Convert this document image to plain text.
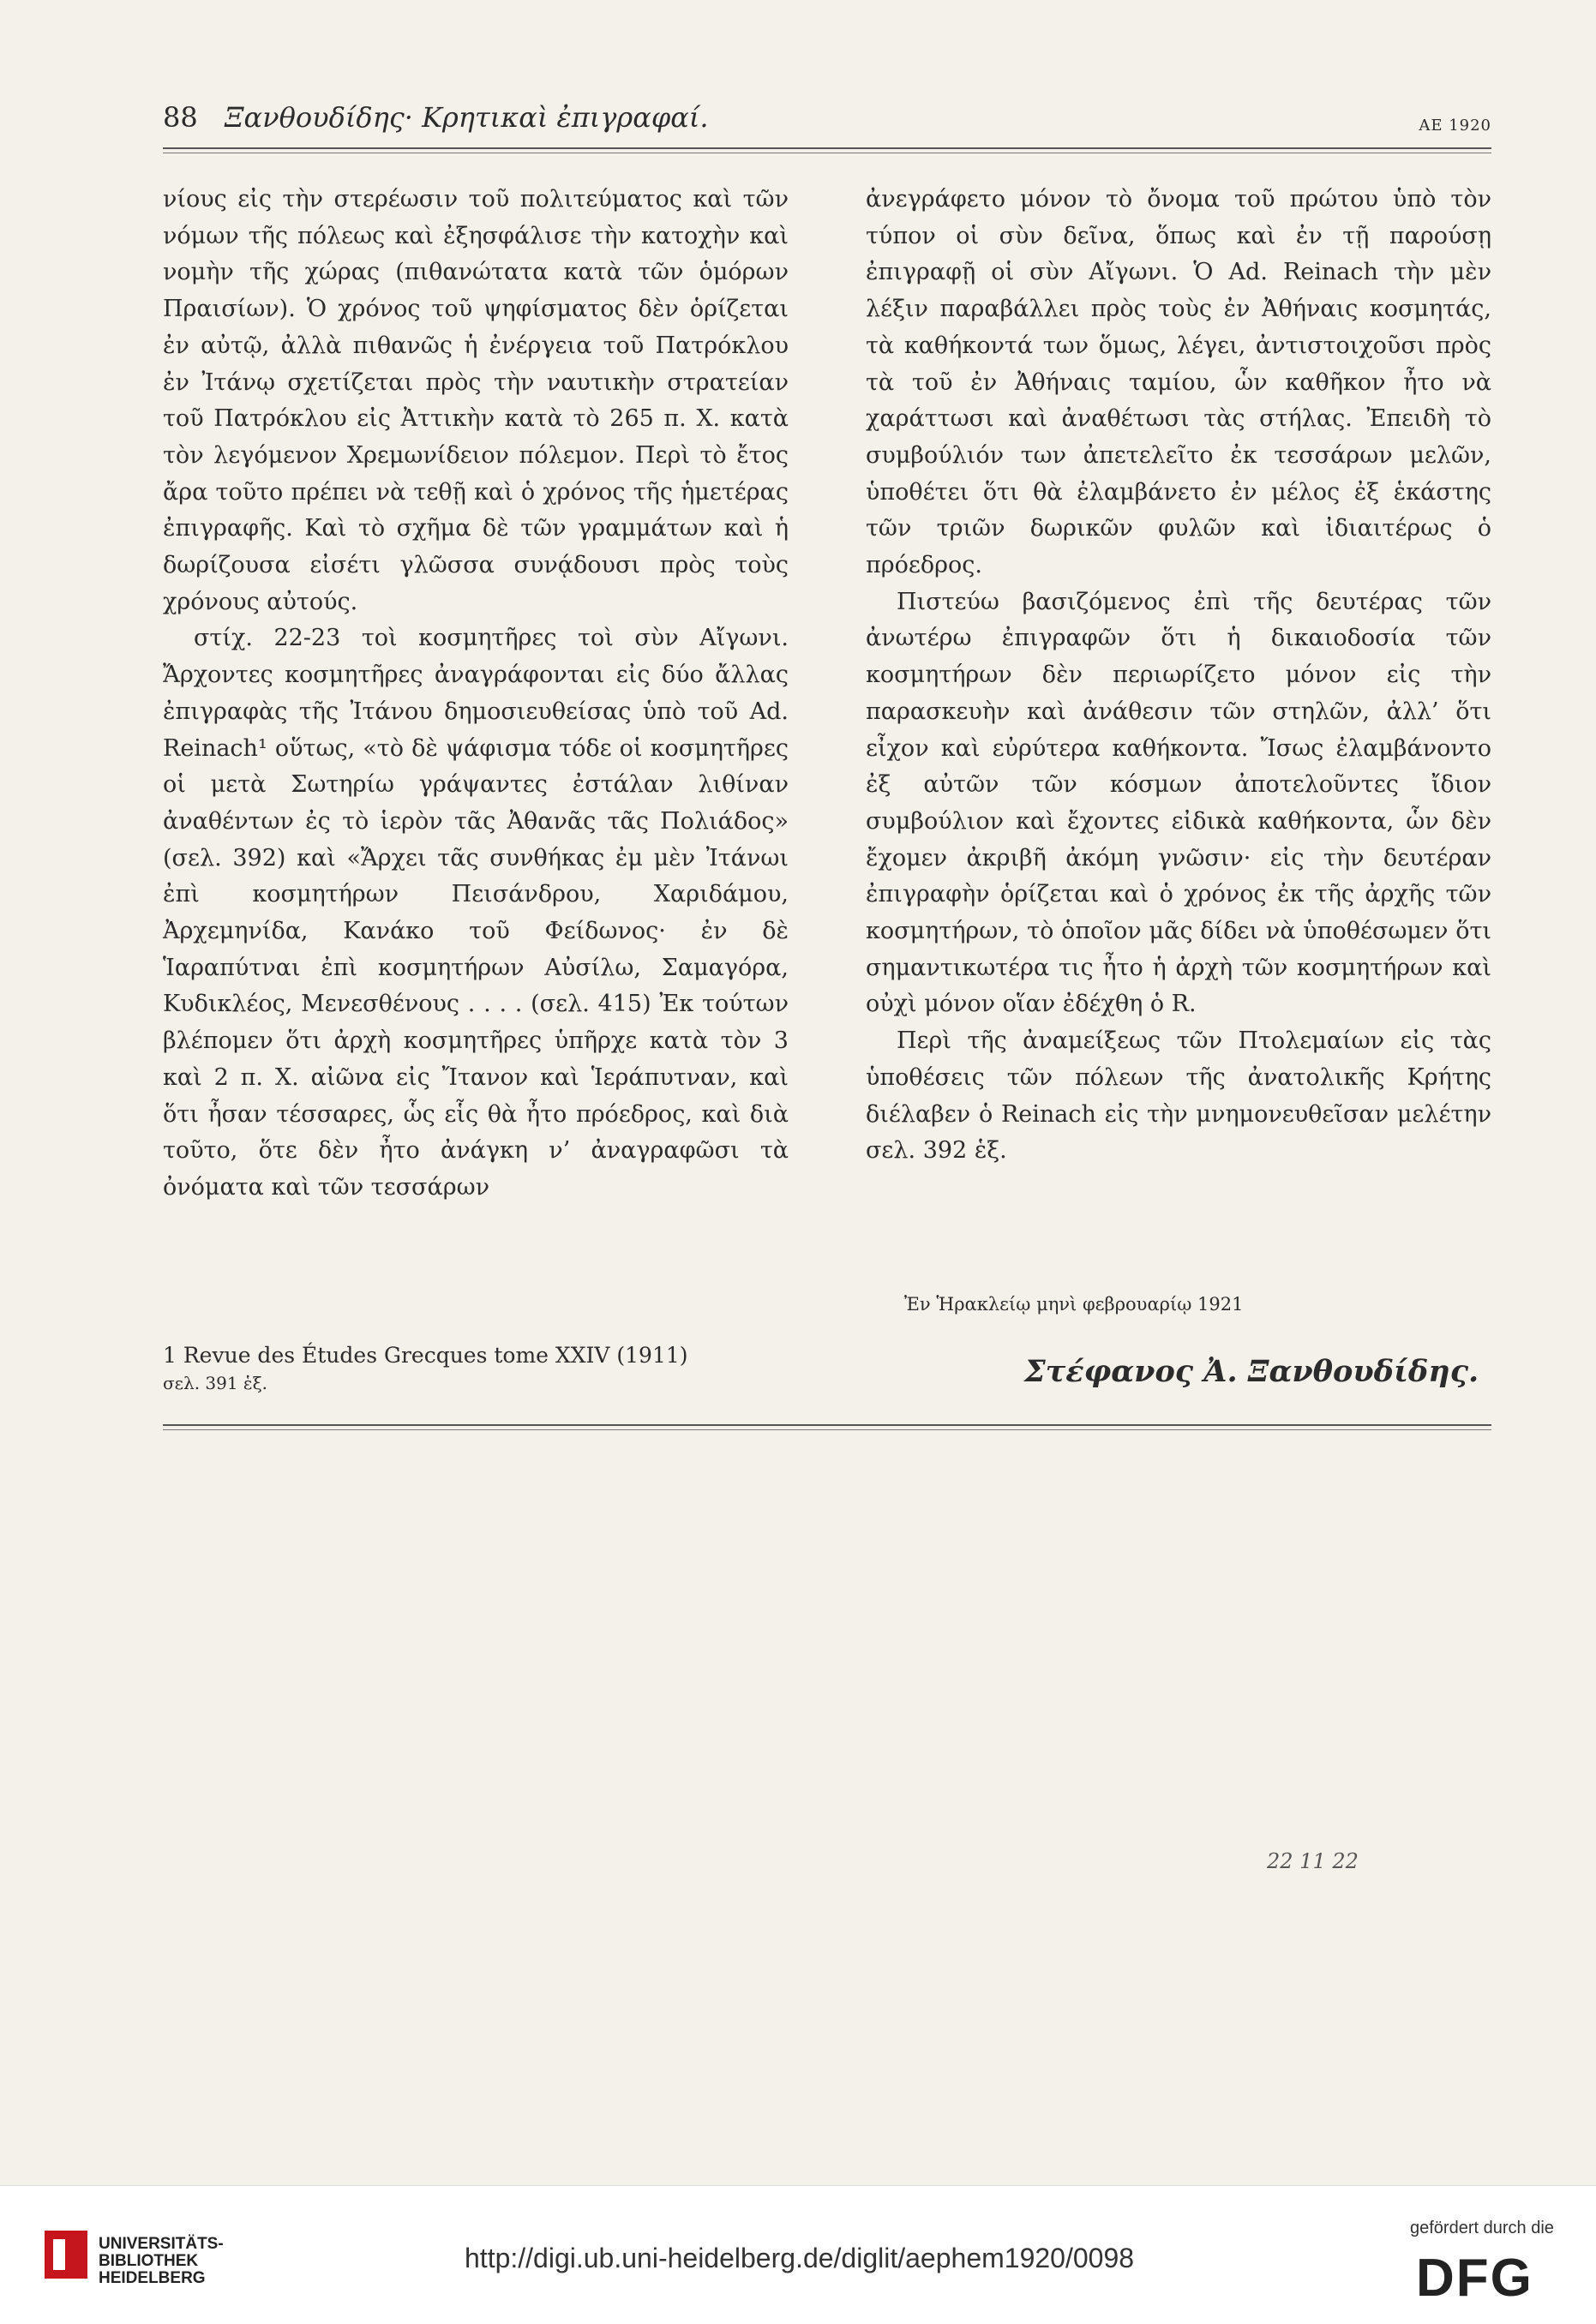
88 Ξανθουδίδης· Κρητικαὶ ἐπιγραφαί.	ΑΕ 1920

νίους εἰς τὴν στερέωσιν τοῦ πολιτεύματος καὶ τῶν νόμων τῆς πόλεως καὶ ἐξησφάλισε τὴν κατοχὴν καὶ νομὴν τῆς χώρας (πιθανώτατα κατὰ τῶν ὁμόρων Πραισίων). Ὁ χρόνος τοῦ ψηφίσματος δὲν ὁρίζεται ἐν αὐτῷ, ἀλλὰ πιθανῶς ἡ ἐνέργεια τοῦ Πατρόκλου ἐν Ἰτάνῳ σχετίζεται πρὸς τὴν ναυτικὴν στρατείαν τοῦ Πατρόκλου εἰς Ἀττικὴν κατὰ τὸ 265 π. Χ. κατὰ τὸν λεγόμενον Χρεμωνίδειον πόλεμον. Περὶ τὸ ἔτος ἄρα τοῦτο πρέπει νὰ τεθῇ καὶ ὁ χρόνος τῆς ἡμετέρας ἐπιγραφῆς. Καὶ τὸ σχῆμα δὲ τῶν γραμμάτων καὶ ἡ δωρίζουσα εἰσέτι γλῶσσα συνᾴδουσι πρὸς τοὺς χρόνους αὐτούς.

στίχ. 22-23 τοὶ κοσμητῆρες τοὶ σὺν Αἴγωνι. Ἄρχοντες κοσμητῆρες ἀναγράφονται εἰς δύο ἄλλας ἐπιγραφὰς τῆς Ἰτάνου δημοσιευθείσας ὑπὸ τοῦ Ad. Reinach¹ οὕτως, «τὸ δὲ ψάφισμα τόδε οἱ κοσμητῆρες οἱ μετὰ Σωτηρίω γράψαντες ἐστάλαν λιθίναν ἀναθέντων ἐς τὸ ἱερὸν τᾶς Ἀθανᾶς τᾶς Πολιάδος» (σελ. 392) καὶ «Ἄρχει τᾶς συνθήκας ἐμ μὲν Ἰτάνωι ἐπὶ κοσμητήρων Πεισάνδρου, Χαριδάμου, Ἀρχεμηνίδα, Κανάκο τοῦ Φείδωνος· ἐν δὲ Ἱαραπύτναι ἐπὶ κοσμητήρων Αὐσίλω, Σαμαγόρα, Κυδικλέος, Μενεσθένους . . . . (σελ. 415) Ἐκ τούτων βλέπομεν ὅτι ἀρχὴ κοσμητῆρες ὑπῆρχε κατὰ τὸν 3 καὶ 2 π. Χ. αἰῶνα εἰς Ἴτανον καὶ Ἱεράπυτναν, καὶ ὅτι ἦσαν τέσσαρες, ὧς εἷς θὰ ἦτο πρόεδρος, καὶ διὰ τοῦτο, ὅτε δὲν ἦτο ἀνάγκη ν’ ἀναγραφῶσι τὰ ὀνόματα καὶ τῶν τεσσάρων

ἀνεγράφετο μόνον τὸ ὄνομα τοῦ πρώτου ὑπὸ τὸν τύπον οἱ σὺν δεῖνα, ὅπως καὶ ἐν τῇ παρούσῃ ἐπιγραφῇ οἱ σὺν Αἴγωνι. Ὁ Ad. Reinach τὴν μὲν λέξιν παραβάλλει πρὸς τοὺς ἐν Ἀθήναις κοσμητάς, τὰ καθήκοντά των ὅμως, λέγει, ἀντιστοιχοῦσι πρὸς τὰ τοῦ ἐν Ἀθήναις ταμίου, ὧν καθῆκον ἦτο νὰ χαράττωσι καὶ ἀναθέτωσι τὰς στήλας. Ἐπειδὴ τὸ συμβούλιόν των ἀπετελεῖτο ἐκ τεσσάρων μελῶν, ὑποθέτει ὅτι θὰ ἐλαμβάνετο ἐν μέλος ἐξ ἑκάστης τῶν τριῶν δωρικῶν φυλῶν καὶ ἰδιαιτέρως ὁ πρόεδρος.

Πιστεύω βασιζόμενος ἐπὶ τῆς δευτέρας τῶν ἀνωτέρω ἐπιγραφῶν ὅτι ἡ δικαιοδοσία τῶν κοσμητήρων δὲν περιωρίζετο μόνον εἰς τὴν παρασκευὴν καὶ ἀνάθεσιν τῶν στηλῶν, ἀλλ’ ὅτι εἶχον καὶ εὐρύτερα καθήκοντα. Ἴσως ἐλαμβάνοντο ἐξ αὐτῶν τῶν κόσμων ἀποτελοῦντες ἴδιον συμβούλιον καὶ ἔχοντες εἰδικὰ καθήκοντα, ὧν δὲν ἔχομεν ἀκριβῆ ἀκόμη γνῶσιν· εἰς τὴν δευτέραν ἐπιγραφὴν ὁρίζεται καὶ ὁ χρόνος ἐκ τῆς ἀρχῆς τῶν κοσμητήρων, τὸ ὁποῖον μᾶς δίδει νὰ ὑποθέσωμεν ὅτι σημαντικωτέρα τις ἦτο ἡ ἀρχὴ τῶν κοσμητήρων καὶ οὐχὶ μόνον οἵαν ἐδέχθη ὁ R.

Περὶ τῆς ἀναμείξεως τῶν Πτολεμαίων εἰς τὰς ὑποθέσεις τῶν πόλεων τῆς ἀνατολικῆς Κρήτης διέλαβεν ὁ Reinach εἰς τὴν μνημονευθεῖσαν μελέτην σελ. 392 ἑξ.

1 Revue des Études Grecques tome XXIV (1911)
σελ. 391 ἑξ.
Ἐν Ἡρακλείῳ μηνὶ φεβρουαρίῳ 1921
Στέφανος Ἀ. Ξανθουδίδης.
22 11 22
UNIVERSITÄTS-
BIBLIOTHEK
HEIDELBERG
http://digi.ub.uni-heidelberg.de/diglit/aephem1920/0098
gefördert durch die
DFG
